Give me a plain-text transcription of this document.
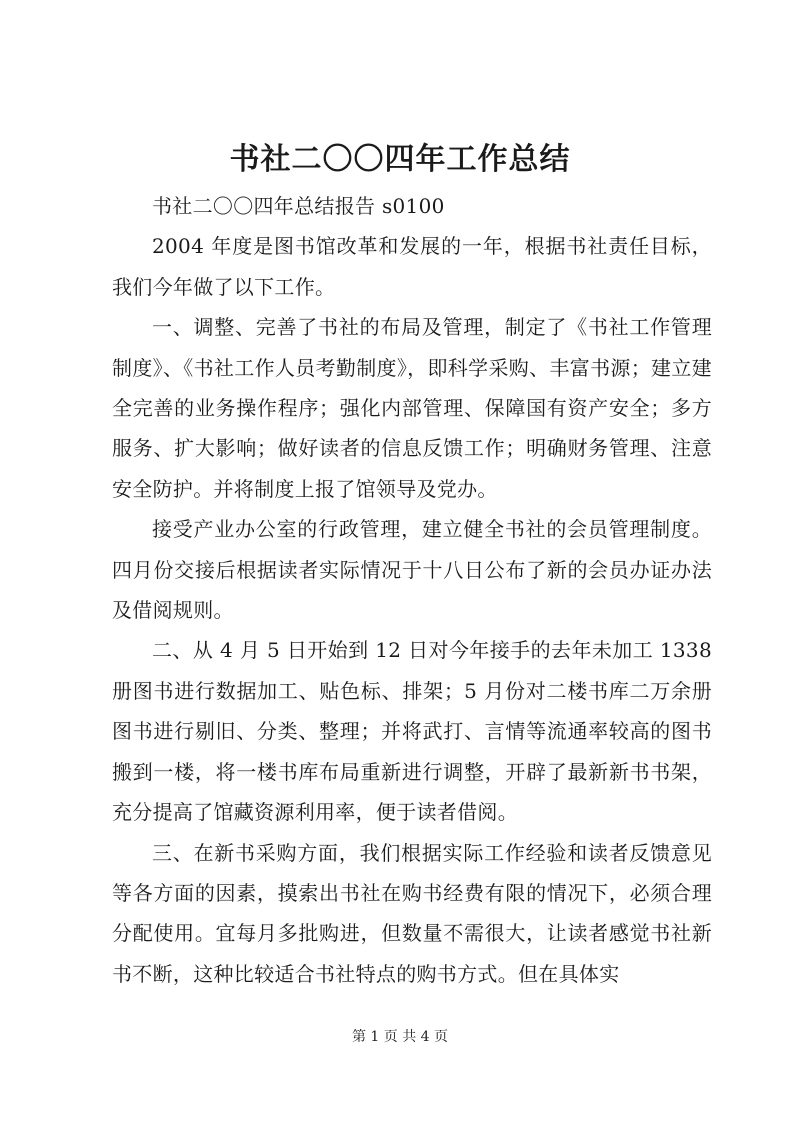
书社二〇〇四年工作总结

书社二〇〇四年总结报告 s0100

2004 年度是图书馆改革和发展的一年，根据书社责任目标，我们今年做了以下工作。

一、调整、完善了书社的布局及管理，制定了《书社工作管理制度》、《书社工作人员考勤制度》，即科学采购、丰富书源；建立建全完善的业务操作程序；强化内部管理、保障国有资产安全；多方服务、扩大影响；做好读者的信息反馈工作；明确财务管理、注意安全防护。并将制度上报了馆领导及党办。

接受产业办公室的行政管理，建立健全书社的会员管理制度。四月份交接后根据读者实际情况于十八日公布了新的会员办证办法及借阅规则。

二、从 4 月 5 日开始到 12 日对今年接手的去年未加工 1338 册图书进行数据加工、贴色标、排架；5 月份对二楼书库二万余册图书进行剔旧、分类、整理；并将武打、言情等流通率较高的图书搬到一楼，将一楼书库布局重新进行调整，开辟了最新新书书架，充分提高了馆藏资源利用率，便于读者借阅。

三、在新书采购方面，我们根据实际工作经验和读者反馈意见等各方面的因素，摸索出书社在购书经费有限的情况下，必须合理分配使用。宜每月多批购进，但数量不需很大，让读者感觉书社新书不断，这种比较适合书社特点的购书方式。但在具体实

第 1 页 共 4 页
